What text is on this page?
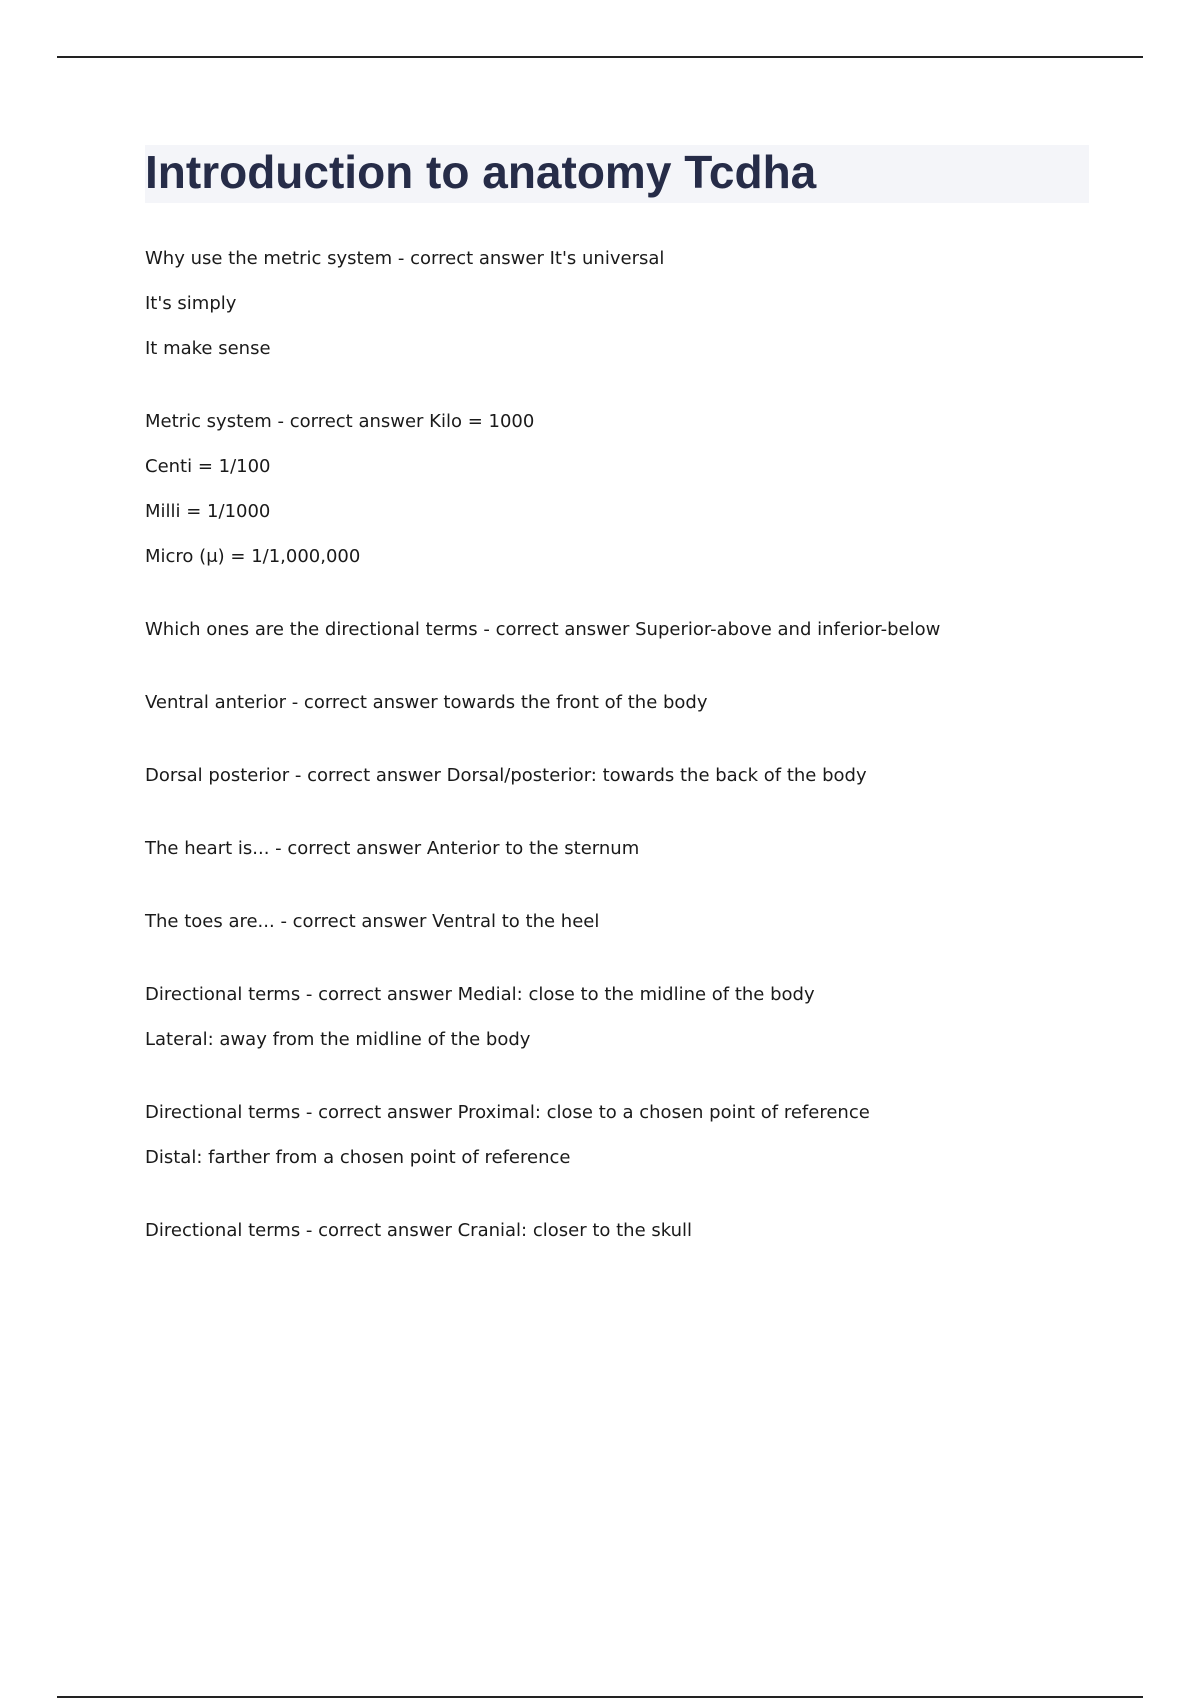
Introduction to anatomy Tcdha
Why use the metric system - correct answer It's universal
It's simply
It make sense
Metric system - correct answer Kilo = 1000
Centi = 1/100
Milli = 1/1000
Micro (μ) = 1/1,000,000
Which ones are the directional terms - correct answer Superior-above and inferior-below
Ventral anterior - correct answer towards the front of the body
Dorsal posterior - correct answer Dorsal/posterior: towards the back of the body
The heart is... - correct answer Anterior to the sternum
The toes are... - correct answer Ventral to the heel
Directional terms - correct answer Medial: close to the midline of the body
Lateral: away from the midline of the body
Directional terms - correct answer Proximal: close to a chosen point of reference
Distal: farther from a chosen point of reference
Directional terms - correct answer Cranial: closer to the skull
